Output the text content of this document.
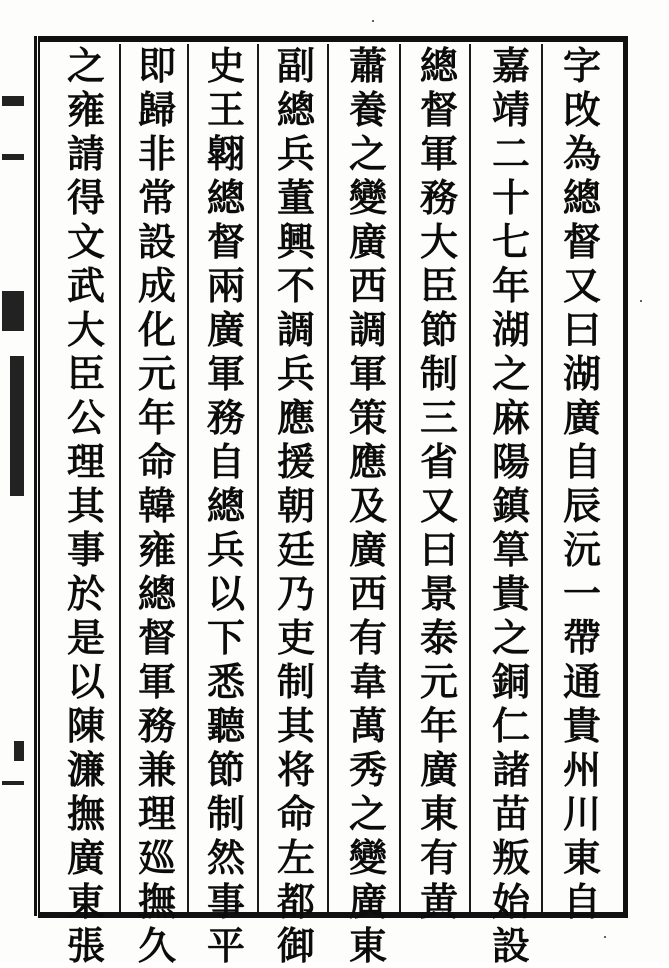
字
攺
為
總
督
又
曰
湖
廣
自
辰
沅
一
帶
通
貴
州
川
東
自
嘉
靖
二
十
七
年
湖
之
麻
陽
鎮
筸
貴
之
銅
仁
諸
苗
叛
始
設
總
督
軍
務
大
臣
節
制
三
省
又
曰
景
泰
元
年
廣
東
有
黄
蕭
養
之
變
廣
西
調
軍
策
應
及
廣
西
有
韋
萬
秀
之
變
廣
東
副
總
兵
董
興
不
調
兵
應
援
朝
廷
乃
吏
制
其
将
命
左
都
御
史
王
翺
總
督
兩
廣
軍
務
自
總
兵
以
下
悉
聽
節
制
然
事
平
即
歸
非
常
設
成
化
元
年
命
韓
雍
總
督
軍
務
兼
理
廵
撫
久
之
雍
請
得
文
武
大
臣
公
理
其
事
於
是
以
陳
濂
撫
廣
東
張
